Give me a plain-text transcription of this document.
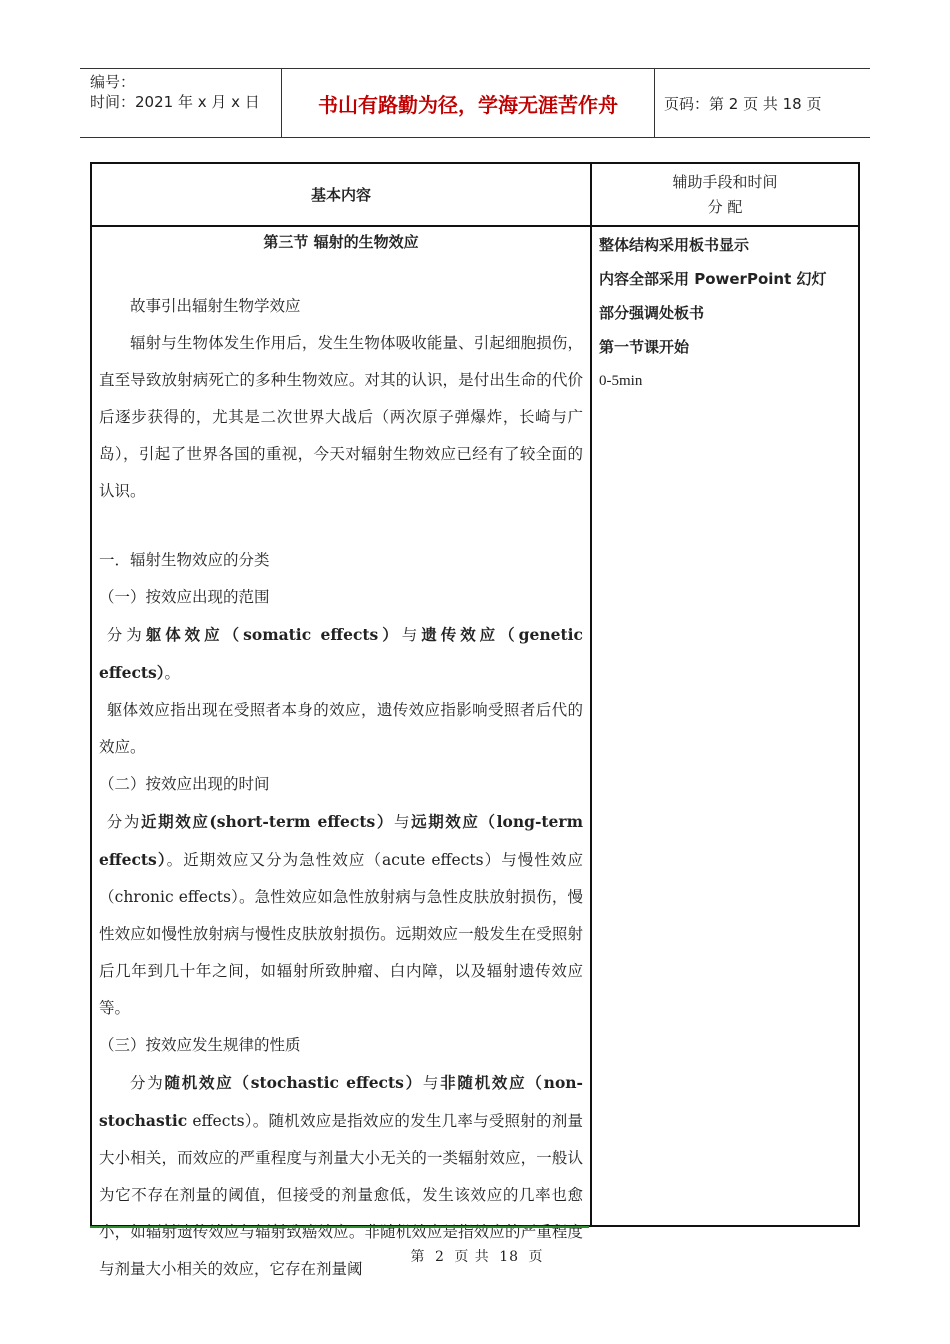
编号：
时间：2021 年 x 月 x 日	书山有路勤为径，学海无涯苦作舟	页码：第 2 页 共 18 页
基本内容
辅助手段和时间
分 配

第三节 辐射的生物效应

故事引出辐射生物学效应

辐射与生物体发生作用后，发生生物体吸收能量、引起细胞损伤，直至导致放射病死亡的多种生物效应。对其的认识，是付出生命的代价后逐步获得的，尤其是二次世界大战后（两次原子弹爆炸，长崎与广岛），引起了世界各国的重视，今天对辐射生物效应已经有了较全面的认识。

一．辐射生物效应的分类

（一）按效应出现的范围

分为躯体效应（somatic effects）与遗传效应（genetic effects）。

躯体效应指出现在受照者本身的效应，遗传效应指影响受照者后代的效应。

（二）按效应出现的时间

分为近期效应(short-term effects）与远期效应（long-term effects）。近期效应又分为急性效应（acute effects）与慢性效应（chronic effects）。急性效应如急性放射病与急性皮肤放射损伤，慢性效应如慢性放射病与慢性皮肤放射损伤。远期效应一般发生在受照射后几年到几十年之间，如辐射所致肿瘤、白内障，以及辐射遗传效应等。

（三）按效应发生规律的性质

分为随机效应（stochastic effects）与非随机效应（non-stochastic effects）。随机效应是指效应的发生几率与受照射的剂量大小相关，而效应的严重程度与剂量大小无关的一类辐射效应，一般认为它不存在剂量的阈值，但接受的剂量愈低，发生该效应的几率也愈小，如辐射遗传效应与辐射致癌效应。非随机效应是指效应的严重程度与剂量大小相关的效应，它存在剂量阈

整体结构采用板书显示
内容全部采用 PowerPoint 幻灯
部分强调处板书
第一节课开始
0-5min
第 2 页 共 18 页
